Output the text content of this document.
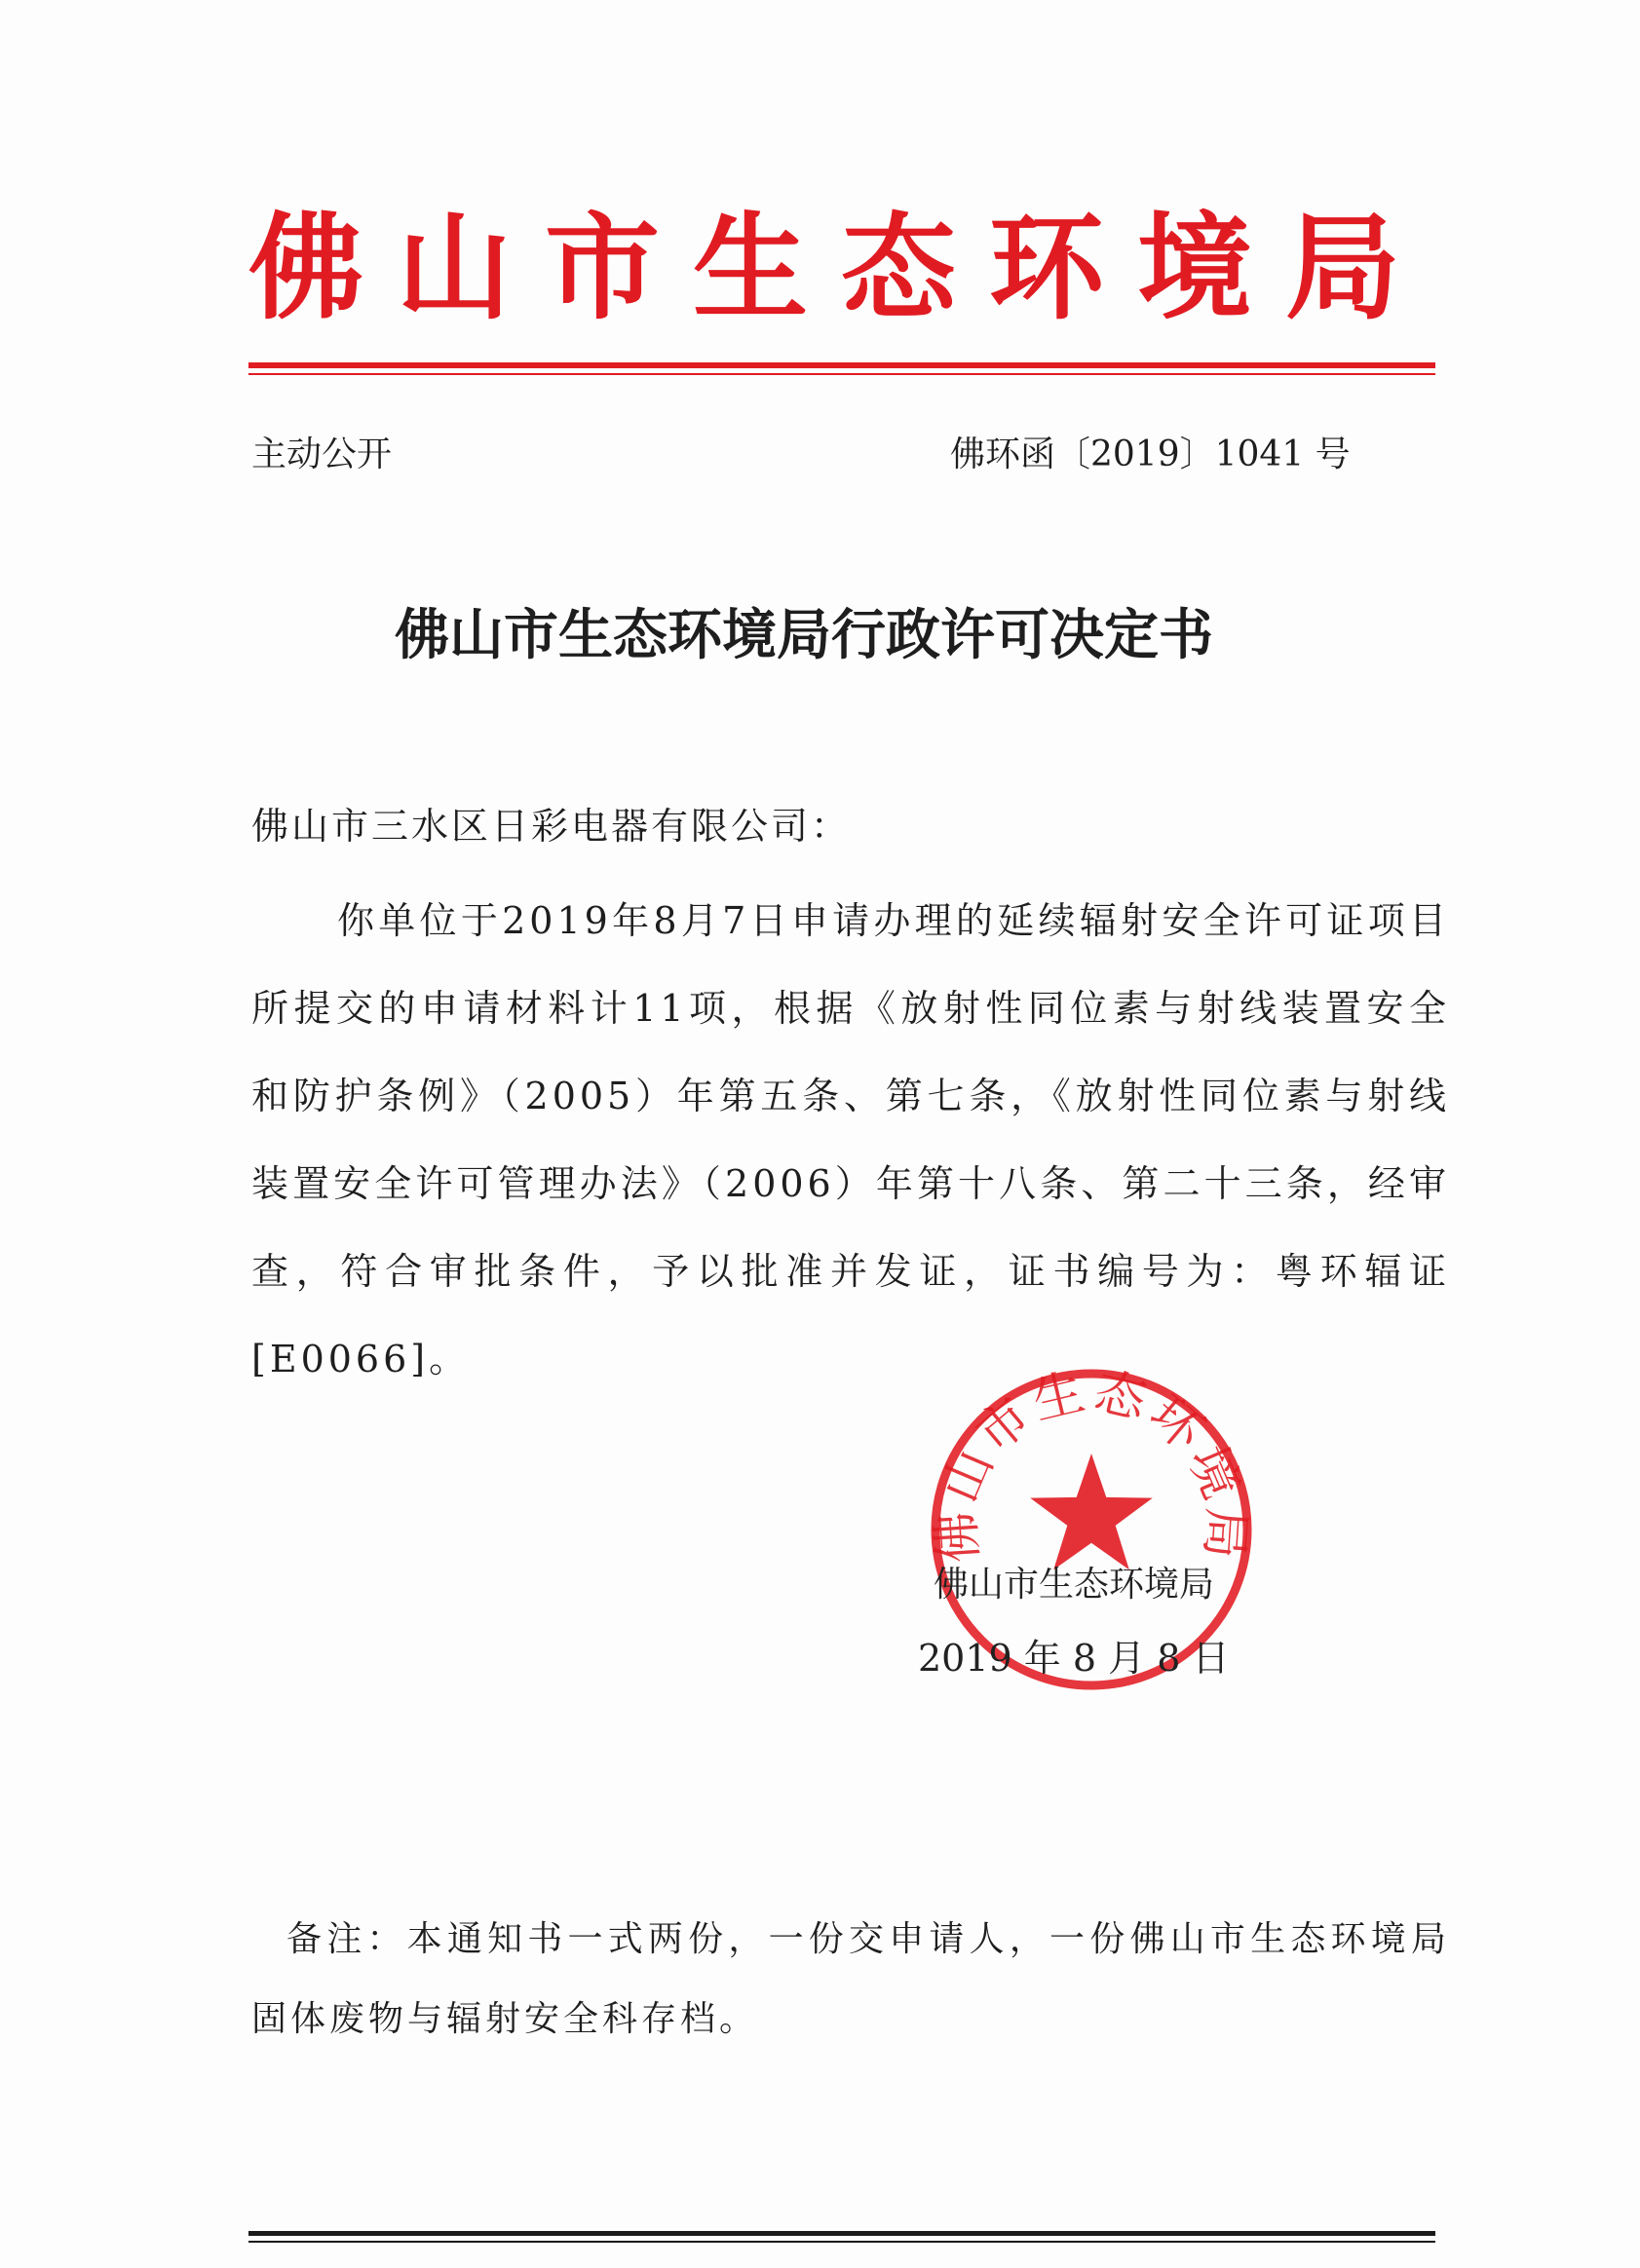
佛山市生态环境局
主动公开	佛环函〔2019〕1041 号
佛山市生态环境局行政许可决定书
佛山市三水区日彩电器有限公司：
你单位于2019年8月7日申请办理的延续辐射安全许可证项目所提交的申请材料计11项，根据《放射性同位素与射线装置安全和防护条例》（2005）年第五条、第七条，《放射性同位素与射线装置安全许可管理办法》（2006）年第十八条、第二十三条，经审查，符合审批条件，予以批准并发证，证书编号为：粤环辐证[E0066]。
佛山市生态环境局
佛山市生态环境局
2019 年 8 月 8 日
备注：本通知书一式两份，一份交申请人，一份佛山市生态环境局固体废物与辐射安全科存档。
